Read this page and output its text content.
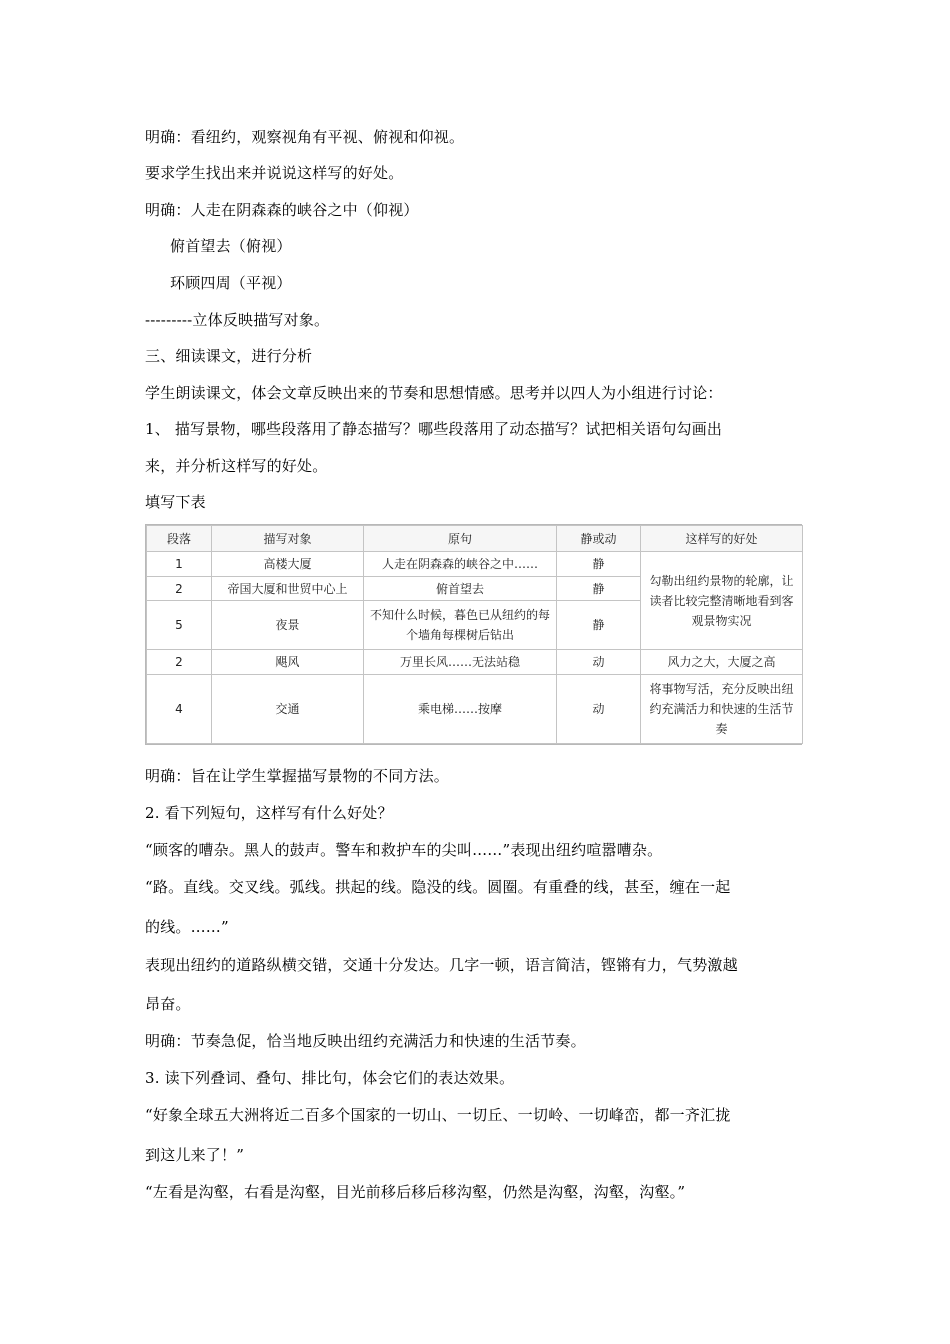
明确：看纽约，观察视角有平视、俯视和仰视。
要求学生找出来并说说这样写的好处。
明确：人走在阴森森的峡谷之中（仰视）
俯首望去（俯视）
环顾四周（平视）
---------立体反映描写对象。
三、细读课文，进行分析
学生朗读课文，体会文章反映出来的节奏和思想情感。思考并以四人为小组进行讨论：
1、 描写景物，哪些段落用了静态描写？哪些段落用了动态描写？试把相关语句勾画出
来，并分析这样写的好处。
填写下表
段落	描写对象	原句	静或动	这样写的好处
1	高楼大厦	人走在阴森森的峡谷之中……	静	勾勒出纽约景物的轮廓，让读者比较完整清晰地看到客观景物实况
2	帝国大厦和世贸中心上	俯首望去	静	
5	夜景	不知什么时候，暮色已从纽约的每个墙角每棵树后钻出	静	
2	飓风	万里长风……无法站稳	动	风力之大，大厦之高
4	交通	乘电梯……按摩	动	将事物写活，充分反映出纽约充满活力和快速的生活节奏
明确：旨在让学生掌握描写景物的不同方法。
2. 看下列短句，这样写有什么好处？
“顾客的嘈杂。黑人的鼓声。警车和救护车的尖叫……”表现出纽约喧嚣嘈杂。
“路。直线。交叉线。弧线。拱起的线。隐没的线。圆圈。有重叠的线，甚至，缠在一起
的线。……”
表现出纽约的道路纵横交错，交通十分发达。几字一顿，语言简洁，铿锵有力，气势激越
昂奋。
明确：节奏急促，恰当地反映出纽约充满活力和快速的生活节奏。
3. 读下列叠词、叠句、排比句，体会它们的表达效果。
“好象全球五大洲将近二百多个国家的一切山、一切丘、一切岭、一切峰峦，都一齐汇拢
到这儿来了！”
“左看是沟壑，右看是沟壑，目光前移后移后移沟壑，仍然是沟壑，沟壑，沟壑。”
